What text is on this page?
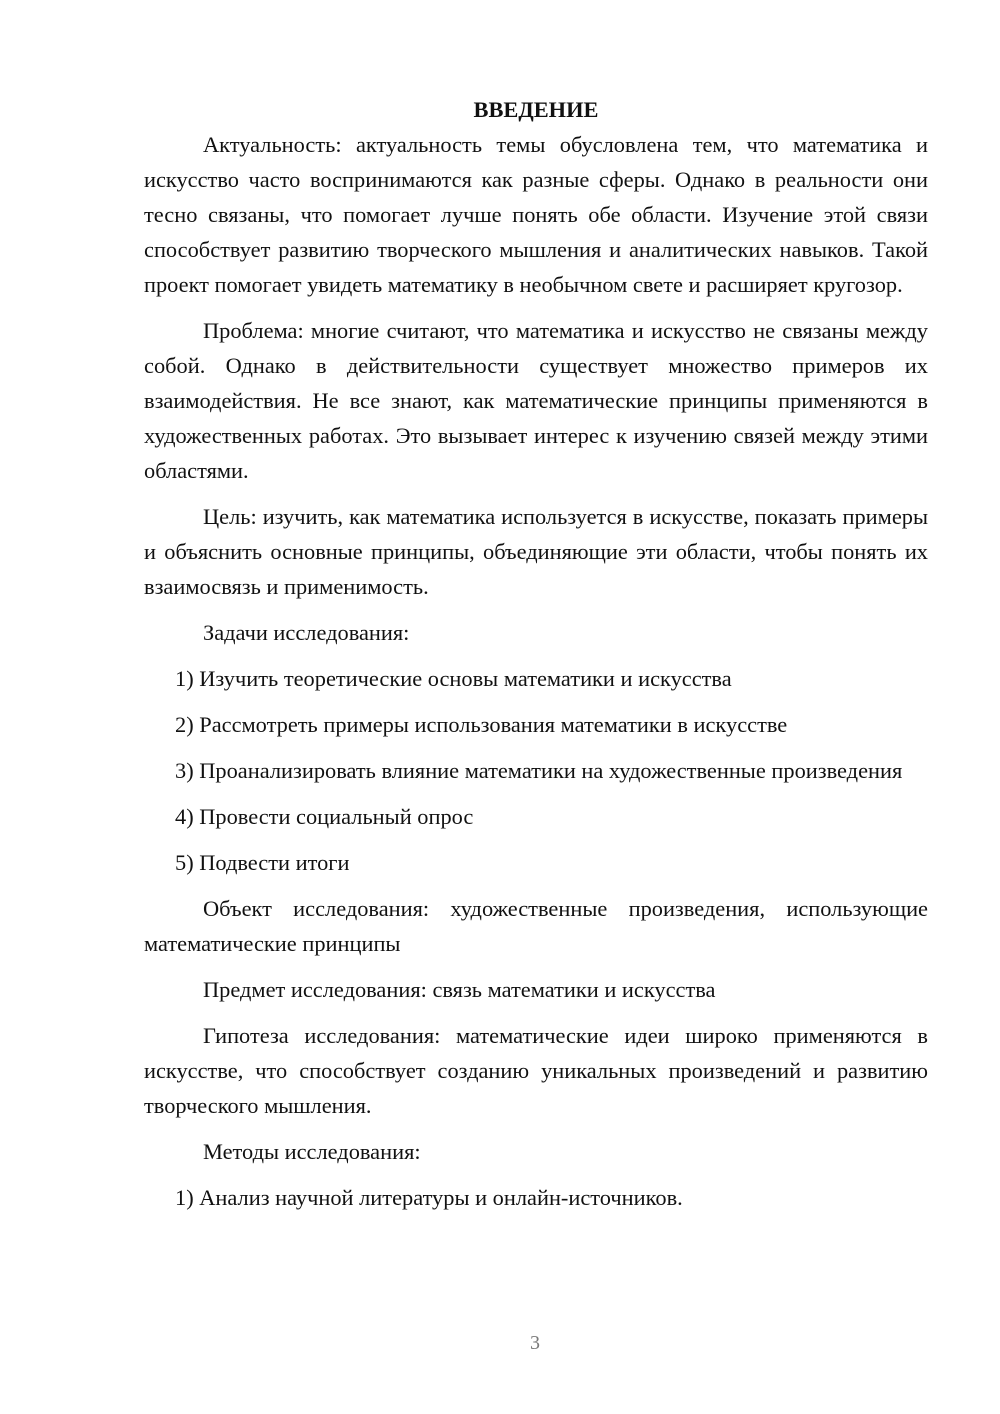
ВВЕДЕНИЕ

Актуальность: актуальность темы обусловлена тем, что математика и искусство часто воспринимаются как разные сферы. Однако в реальности они тесно связаны, что помогает лучше понять обе области. Изучение этой связи способствует развитию творческого мышления и аналитических навыков. Такой проект помогает увидеть математику в необычном свете и расширяет кругозор.

Проблема: многие считают, что математика и искусство не связаны между собой. Однако в действительности существует множество примеров их взаимодействия. Не все знают, как математические принципы применяются в художественных работах. Это вызывает интерес к изучению связей между этими областями.

Цель: изучить, как математика используется в искусстве, показать примеры и объяснить основные принципы, объединяющие эти области, чтобы понять их взаимосвязь и применимость.

Задачи исследования:

1) Изучить теоретические основы математики и искусства

2) Рассмотреть примеры использования математики в искусстве

3) Проанализировать влияние математики на художественные произведения

4) Провести социальный опрос

5) Подвести итоги

Объект исследования: художественные произведения, использующие математические принципы

Предмет исследования: связь математики и искусства

Гипотеза исследования: математические идеи широко применяются в искусстве, что способствует созданию уникальных произведений и развитию творческого мышления.

Методы исследования:

1) Анализ научной литературы и онлайн-источников.

3
